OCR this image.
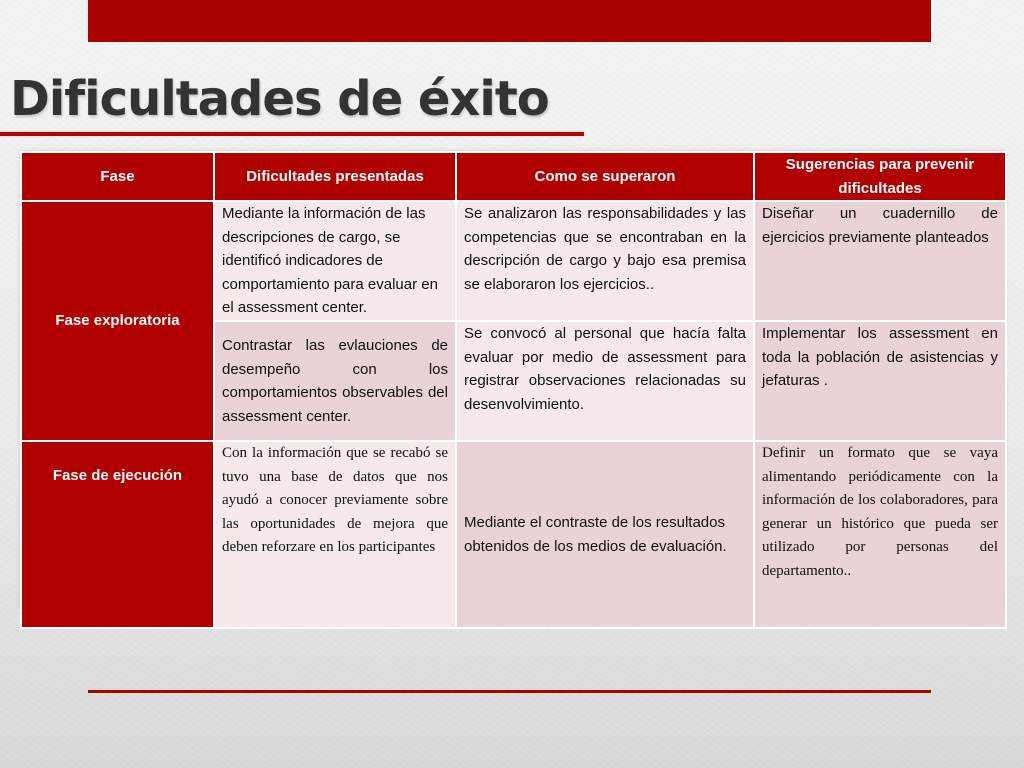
Dificultades de éxito
Fase	Dificultades presentadas	Como se superaron	Sugerencias para prevenir dificultades
Fase exploratoria	Mediante la información de las descripciones de cargo, se identificó indicadores de comportamiento para evaluar en el assessment center.	Se analizaron las responsabilidades y las competencias que se encontraban en la descripción de cargo y bajo esa premisa se elaboraron los ejercicios..	Diseñar un cuadernillo de ejercicios previamente planteados
	Contrastar las evlauciones de desempeño con los comportamientos observables del assessment center.	Se convocó al personal que hacía falta evaluar por medio de assessment para registrar observaciones relacionadas su desenvolvimiento.	Implementar los assessment en toda la población de asistencias y jefaturas .
Fase de ejecución	Con la información que se recabó se tuvo una base de datos que nos ayudó a conocer previamente sobre las oportunidades de mejora que deben reforzare en los participantes	Mediante el contraste de los resultados obtenidos de los medios de evaluación.	Definir un formato que se vaya alimentando periódicamente con la información de los colaboradores, para generar un histórico que pueda ser utilizado por personas del departamento..
